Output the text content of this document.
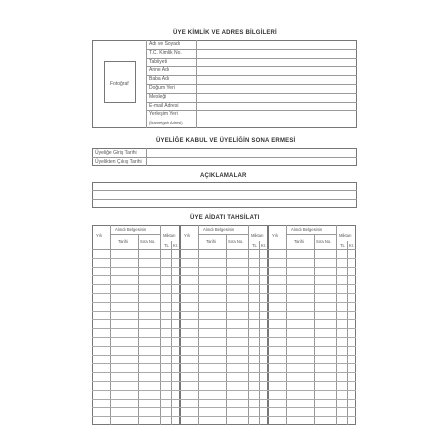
ÜYE KİMLİK VE ADRES BİLGİLERİ
Fotoğraf
Adı ve Soyadı
T.C. Kimlik No.
Tabiiyeti
Anne Adı
Baba Adı
Doğum Yeri
Mesleği
E-mail Adresi
Yerleşim Yeri
(İkametgah Adresi)
ÜYELİĞE KABUL VE ÜYELİĞİN SONA ERMESİ
Üyeliğe Giriş Tarihi
Üyelikten Çıkış Tarihi
AÇIKLAMALAR
ÜYE AİDATI TAHSİLATI
Yılı
Alındı Belgesinin
Tarihi	Sıra No.
Miktarı
TL Kr.
Yılı
Alındı Belgesinin
Tarihi	Sıra No.
Miktarı
TL Kr.
Yılı
Alındı Belgesinin
Tarihi	Sıra No.
Miktarı
TL Kr.
